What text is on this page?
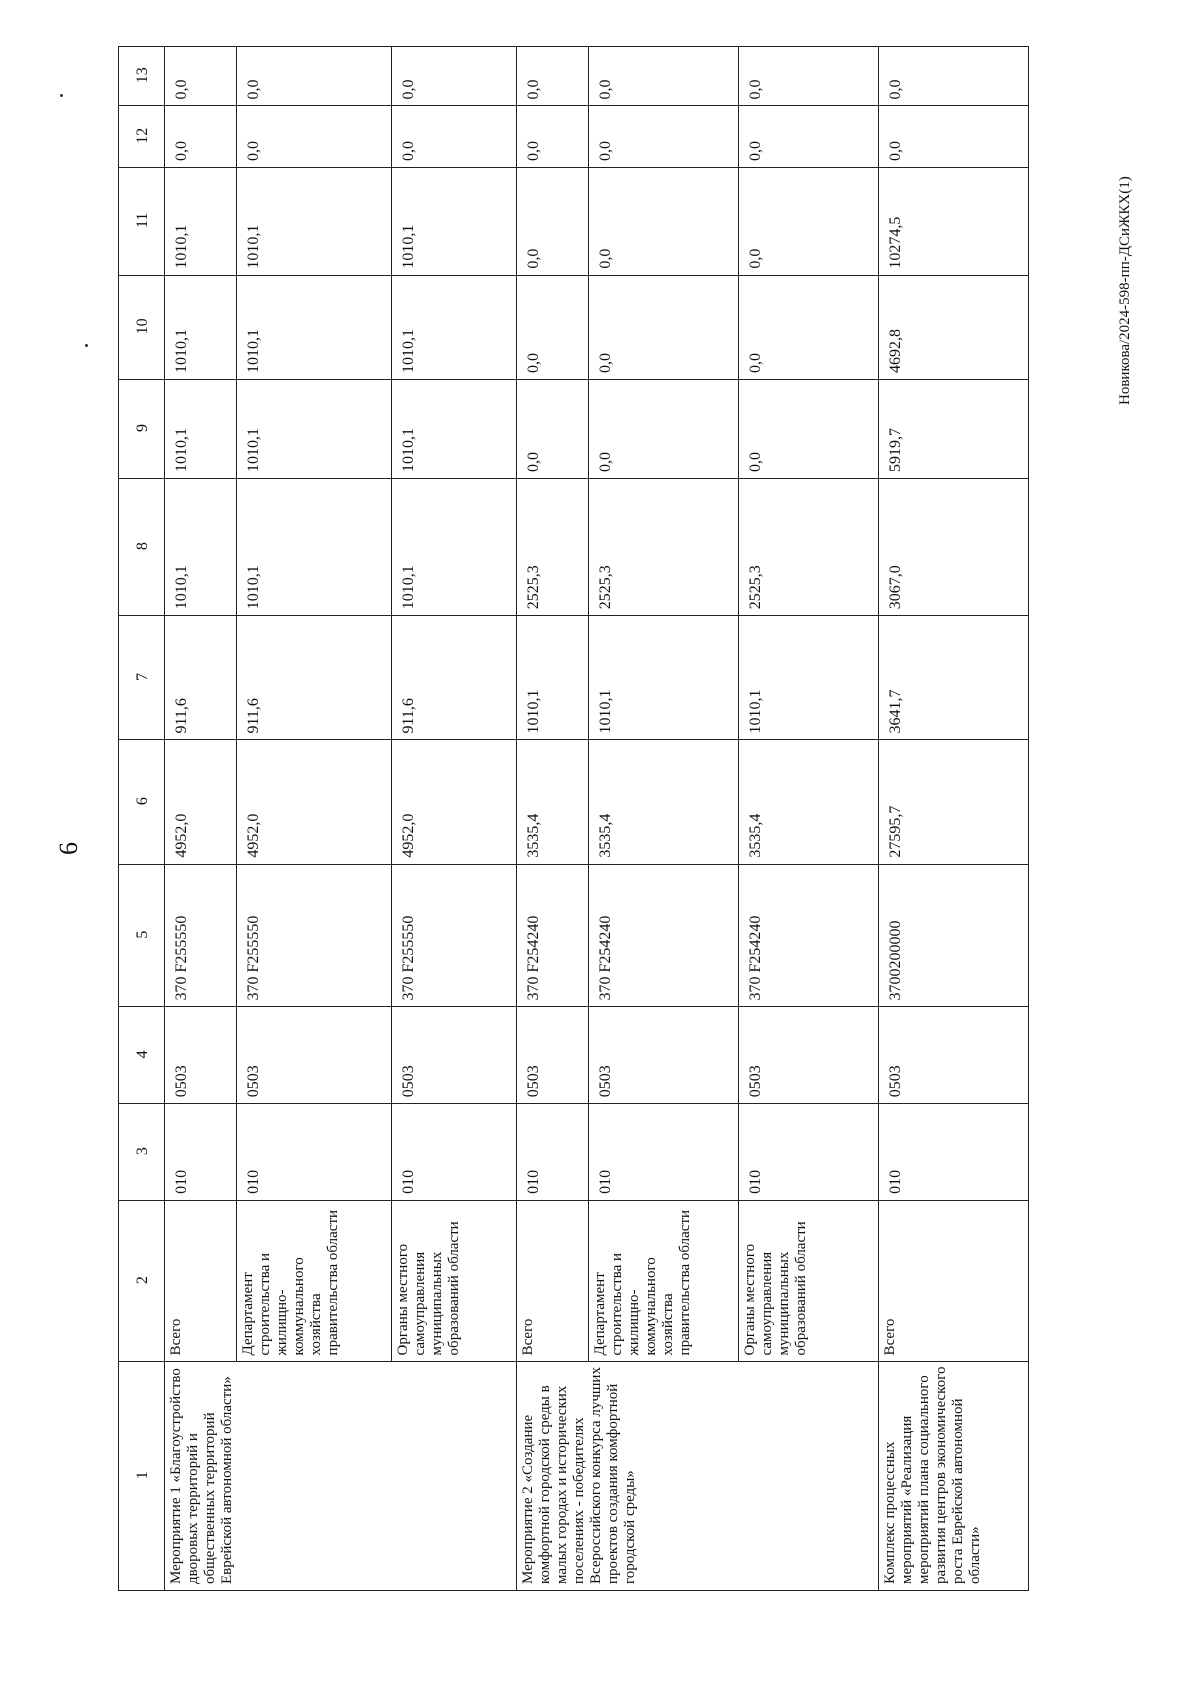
6
1	2	3	4	5	6	7	8	9	10	11	12	13
Мероприятие 1 «Благоустройство дворовых территорий и общественных территорий Еврейской автономной области»	Всего	010	0503	370 F255550	4952,0	911,6	1010,1	1010,1	1010,1	1010,1	0,0	0,0
	Департамент строительства и жилищно-коммунального хозяйства правительства области	010	0503	370 F255550	4952,0	911,6	1010,1	1010,1	1010,1	1010,1	0,0	0,0
	Органы местного самоуправления муниципальных образований области	010	0503	370 F255550	4952,0	911,6	1010,1	1010,1	1010,1	1010,1	0,0	0,0
Мероприятие 2 «Создание комфортной городской среды в малых городах и исторических поселениях - победителях Всероссийского конкурса лучших проектов создания комфортной городской среды»	Всего	010	0503	370 F254240	3535,4	1010,1	2525,3	0,0	0,0	0,0	0,0	0,0
	Департамент строительства и жилищно-коммунального хозяйства правительства области	010	0503	370 F254240	3535,4	1010,1	2525,3	0,0	0,0	0,0	0,0	0,0
	Органы местного самоуправления муниципальных образований области	010	0503	370 F254240	3535,4	1010,1	2525,3	0,0	0,0	0,0	0,0	0,0
Комплекс процессных мероприятий «Реализация мероприятий плана социального развития центров экономического роста Еврейской автономной области»	Всего	010	0503	3700200000	27595,7	3641,7	3067,0	5919,7	4692,8	10274,5	0,0	0,0
Новикова/2024-598-пп-ДСиЖКХ(1)
